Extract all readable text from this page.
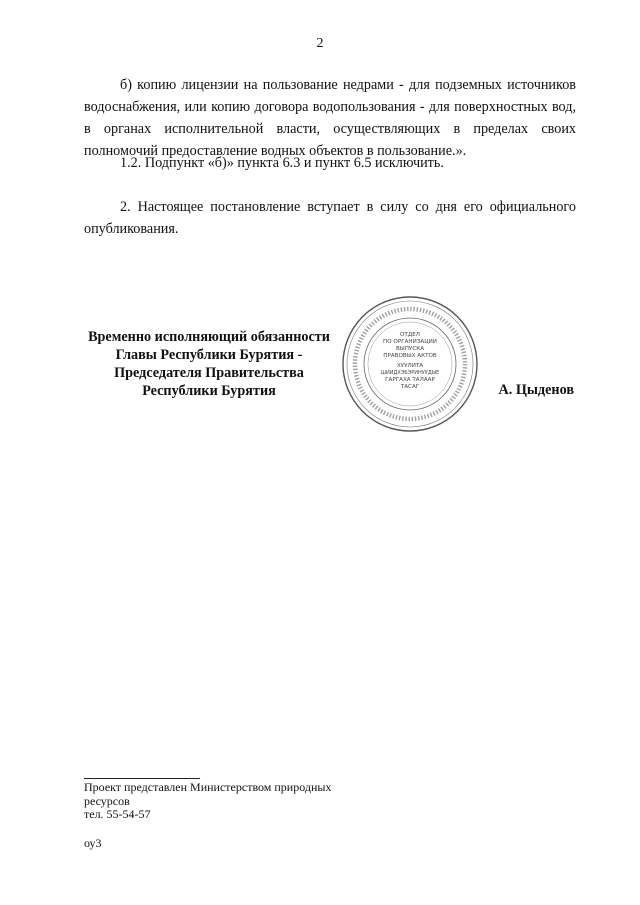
2

б) копию лицензии на пользование недрами - для подземных источников водоснабжения, или копию договора водопользования - для поверхностных вод, в органах исполнительной власти, осуществляющих в пределах своих полномочий предоставление водных объектов в пользование.».

1.2. Подпункт «б)» пункта 6.3 и пункт 6.5 исключить.

2. Настоящее постановление вступает в силу со дня его официального опубликования.

Временно исполняющий обязанности
Главы Республики Бурятия -
Председателя Правительства
Республики Бурятия
ОТДЕЛ
ПО ОРГАНИЗАЦИИ
ВЫПУСКА
ПРАВОВЫХ АКТОВ
ХУУЛИТА
ШИИДХЭБЭРИНУУДЫЕ
ГАРГАХА ТАЛААР
ТАСАГ	А. Цыденов
Проект представлен Министерством природных
ресурсов
тел. 55-54-57
оу3
